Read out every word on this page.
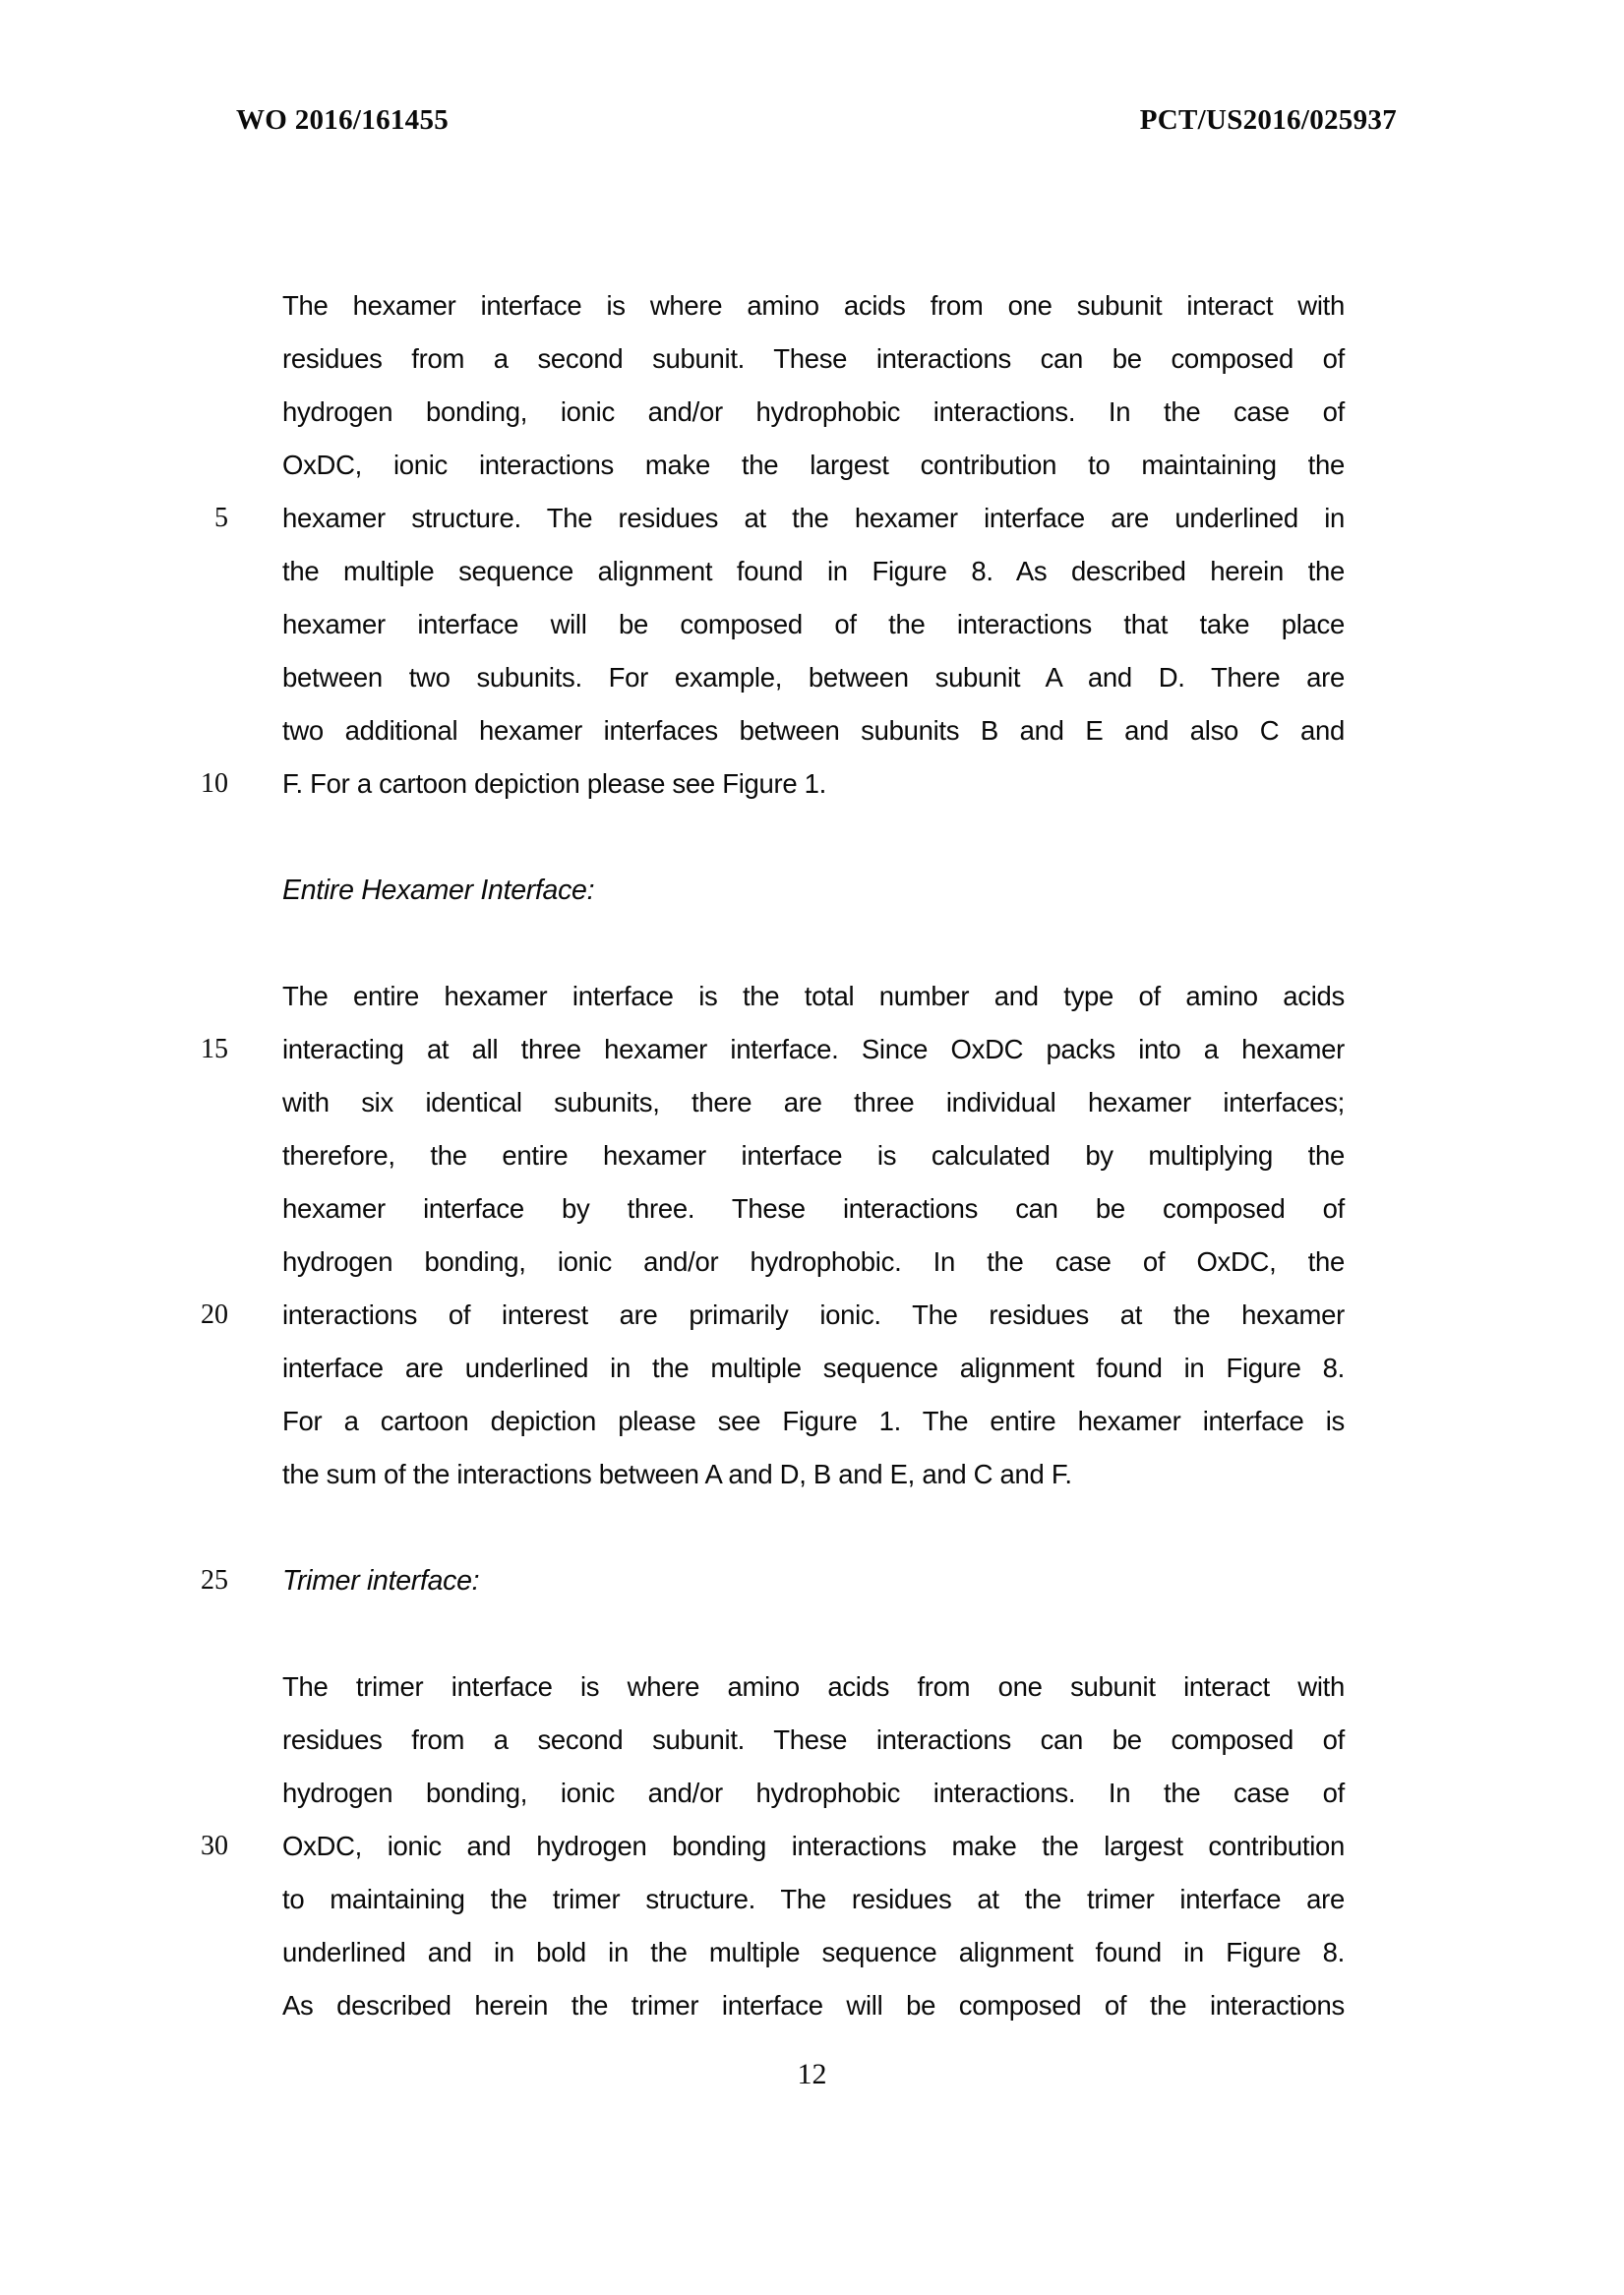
WO 2016/161455	PCT/US2016/025937
The hexamer interface is where amino acids from one subunit interact with
residues from a second subunit. These interactions can be composed of
hydrogen bonding, ionic and/or hydrophobic interactions. In the case of
OxDC, ionic interactions make the largest contribution to maintaining the
5 hexamer structure. The residues at the hexamer interface are underlined in
the multiple sequence alignment found in Figure 8. As described herein the
hexamer interface will be composed of the interactions that take place
between two subunits. For example, between subunit A and D. There are
two additional hexamer interfaces between subunits B and E and also C and
10 F. For a cartoon depiction please see Figure 1.
Entire Hexamer Interface:
The entire hexamer interface is the total number and type of amino acids
15 interacting at all three hexamer interface. Since OxDC packs into a hexamer
with six identical subunits, there are three individual hexamer interfaces;
therefore, the entire hexamer interface is calculated by multiplying the
hexamer interface by three. These interactions can be composed of
hydrogen bonding, ionic and/or hydrophobic. In the case of OxDC, the
20 interactions of interest are primarily ionic. The residues at the hexamer
interface are underlined in the multiple sequence alignment found in Figure 8.
For a cartoon depiction please see Figure 1. The entire hexamer interface is
the sum of the interactions between A and D, B and E, and C and F.
25 Trimer interface:
The trimer interface is where amino acids from one subunit interact with
residues from a second subunit. These interactions can be composed of
hydrogen bonding, ionic and/or hydrophobic interactions. In the case of
30 OxDC, ionic and hydrogen bonding interactions make the largest contribution
to maintaining the trimer structure. The residues at the trimer interface are
underlined and in bold in the multiple sequence alignment found in Figure 8.
As described herein the trimer interface will be composed of the interactions
12
